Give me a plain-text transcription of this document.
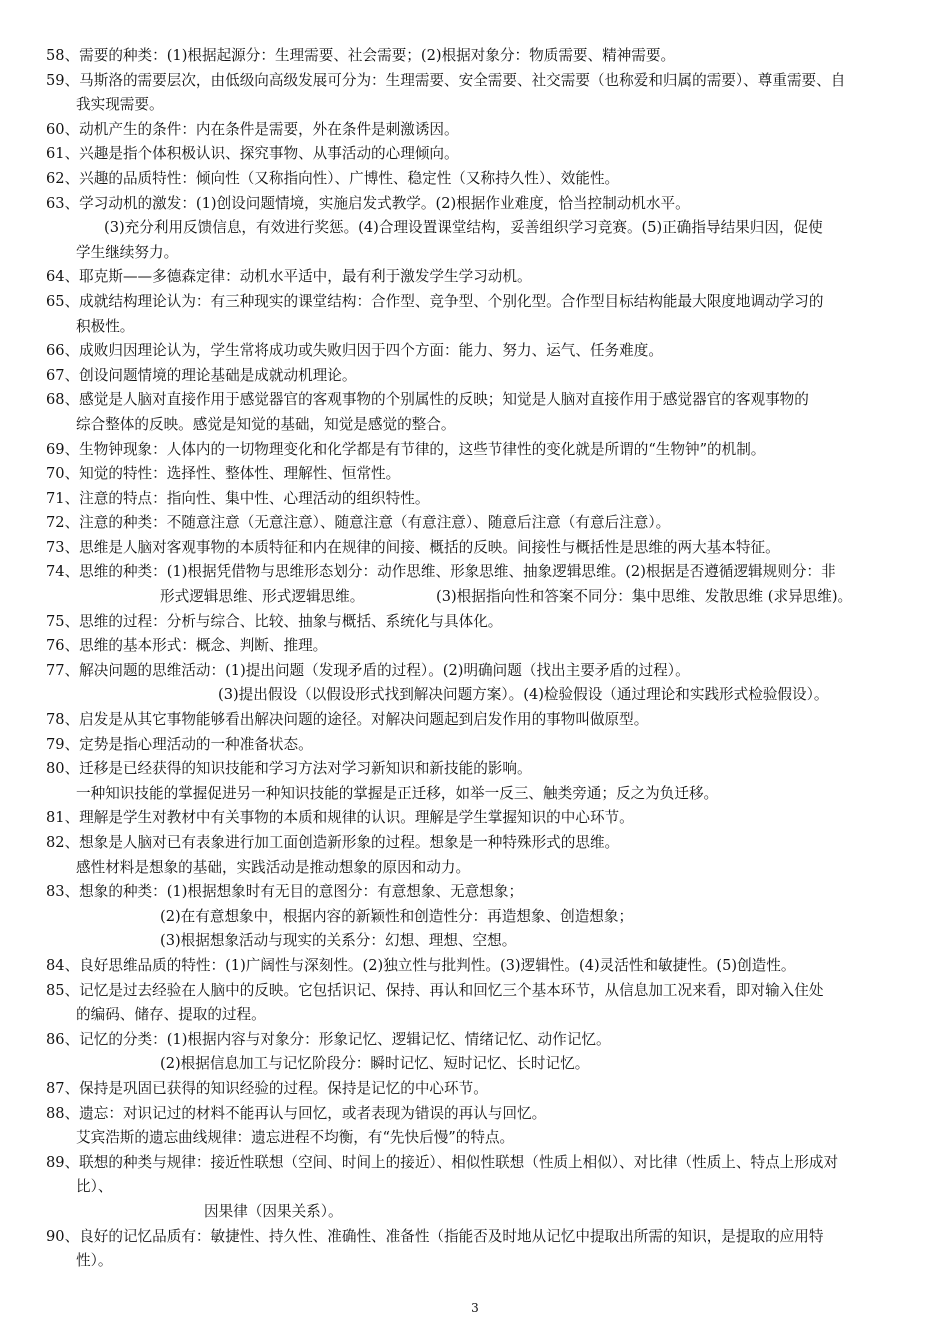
58、需要的种类：(1)根据起源分：生理需要、社会需要；(2)根据对象分：物质需要、精神需要。
59、马斯洛的需要层次，由低级向高级发展可分为：生理需要、安全需要、社交需要（也称爱和归属的需要）、尊重需要、自
我实现需要。
60、动机产生的条件：内在条件是需要，外在条件是刺激诱因。
61、兴趣是指个体积极认识、探究事物、从事活动的心理倾向。
62、兴趣的品质特性：倾向性（又称指向性）、广博性、稳定性（又称持久性）、效能性。
63、学习动机的激发：(1)创设问题情境，实施启发式教学。(2)根据作业难度，恰当控制动机水平。
(3)充分利用反馈信息，有效进行奖惩。(4)合理设置课堂结构，妥善组织学习竞赛。(5)正确指导结果归因，促使
学生继续努力。
64、耶克斯——多德森定律：动机水平适中，最有利于激发学生学习动机。
65、成就结构理论认为：有三种现实的课堂结构：合作型、竞争型、个别化型。合作型目标结构能最大限度地调动学习的
积极性。
66、成败归因理论认为，学生常将成功或失败归因于四个方面：能力、努力、运气、任务难度。
67、创设问题情境的理论基础是成就动机理论。
68、感觉是人脑对直接作用于感觉器官的客观事物的个别属性的反映；知觉是人脑对直接作用于感觉器官的客观事物的
综合整体的反映。感觉是知觉的基础，知觉是感觉的整合。
69、生物钟现象：人体内的一切物理变化和化学都是有节律的，这些节律性的变化就是所谓的“生物钟”的机制。
70、知觉的特性：选择性、整体性、理解性、恒常性。
71、注意的特点：指向性、集中性、心理活动的组织特性。
72、注意的种类：不随意注意（无意注意）、随意注意（有意注意）、随意后注意（有意后注意）。
73、思维是人脑对客观事物的本质特征和内在规律的间接、概括的反映。间接性与概括性是思维的两大基本特征。
74、思维的种类：(1)根据凭借物与思维形态划分：动作思维、形象思维、抽象逻辑思维。(2)根据是否遵循逻辑规则分：非
形式逻辑思维、形式逻辑思维。	(3)根据指向性和答案不同分：集中思维、发散思维 (求异思维)。
75、思维的过程：分析与综合、比较、抽象与概括、系统化与具体化。
76、思维的基本形式：概念、判断、推理。
77、解决问题的思维活动：(1)提出问题（发现矛盾的过程）。(2)明确问题（找出主要矛盾的过程）。
(3)提出假设（以假设形式找到解决问题方案）。(4)检验假设（通过理论和实践形式检验假设）。
78、启发是从其它事物能够看出解决问题的途径。对解决问题起到启发作用的事物叫做原型。
79、定势是指心理活动的一种准备状态。
80、迁移是已经获得的知识技能和学习方法对学习新知识和新技能的影响。
一种知识技能的掌握促进另一种知识技能的掌握是正迁移，如举一反三、触类旁通；反之为负迁移。
81、理解是学生对教材中有关事物的本质和规律的认识。理解是学生掌握知识的中心环节。
82、想象是人脑对已有表象进行加工面创造新形象的过程。想象是一种特殊形式的思维。
感性材料是想象的基础，实践活动是推动想象的原因和动力。
83、想象的种类：(1)根据想象时有无目的意图分：有意想象、无意想象；
(2)在有意想象中，根据内容的新颖性和创造性分：再造想象、创造想象；
(3)根据想象活动与现实的关系分：幻想、理想、空想。
84、良好思维品质的特性：(1)广阔性与深刻性。(2)独立性与批判性。(3)逻辑性。(4)灵活性和敏捷性。(5)创造性。
85、记忆是过去经验在人脑中的反映。它包括识记、保持、再认和回忆三个基本环节，从信息加工况来看，即对输入住处
的编码、储存、提取的过程。
86、记忆的分类：(1)根据内容与对象分：形象记忆、逻辑记忆、情绪记忆、动作记忆。
(2)根据信息加工与记忆阶段分：瞬时记忆、短时记忆、长时记忆。
87、保持是巩固已获得的知识经验的过程。保持是记忆的中心环节。
88、遗忘：对识记过的材料不能再认与回忆，或者表现为错误的再认与回忆。
艾宾浩斯的遗忘曲线规律：遗忘进程不均衡，有“先快后慢”的特点。
89、联想的种类与规律：接近性联想（空间、时间上的接近）、相似性联想（性质上相似）、对比律（性质上、特点上形成对
比）、
因果律（因果关系）。
90、良好的记忆品质有：敏捷性、持久性、准确性、准备性（指能否及时地从记忆中提取出所需的知识，是提取的应用特
性）。
3
